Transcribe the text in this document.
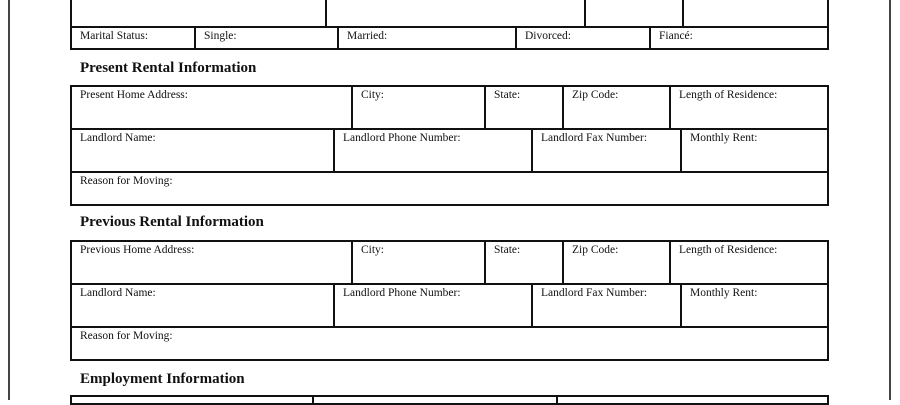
Marital Status:	Single:	Married:	Divorced:	Fiancé:
Present Rental Information
Present Home Address:	City:	State:	Zip Code:	Length of Residence:
Landlord Name:	Landlord Phone Number:	Landlord Fax Number:	Monthly Rent:
Reason for Moving:
Previous Rental Information
Previous Home Address:	City:	State:	Zip Code:	Length of Residence:
Landlord Name:	Landlord Phone Number:	Landlord Fax Number:	Monthly Rent:
Reason for Moving:
Employment Information
